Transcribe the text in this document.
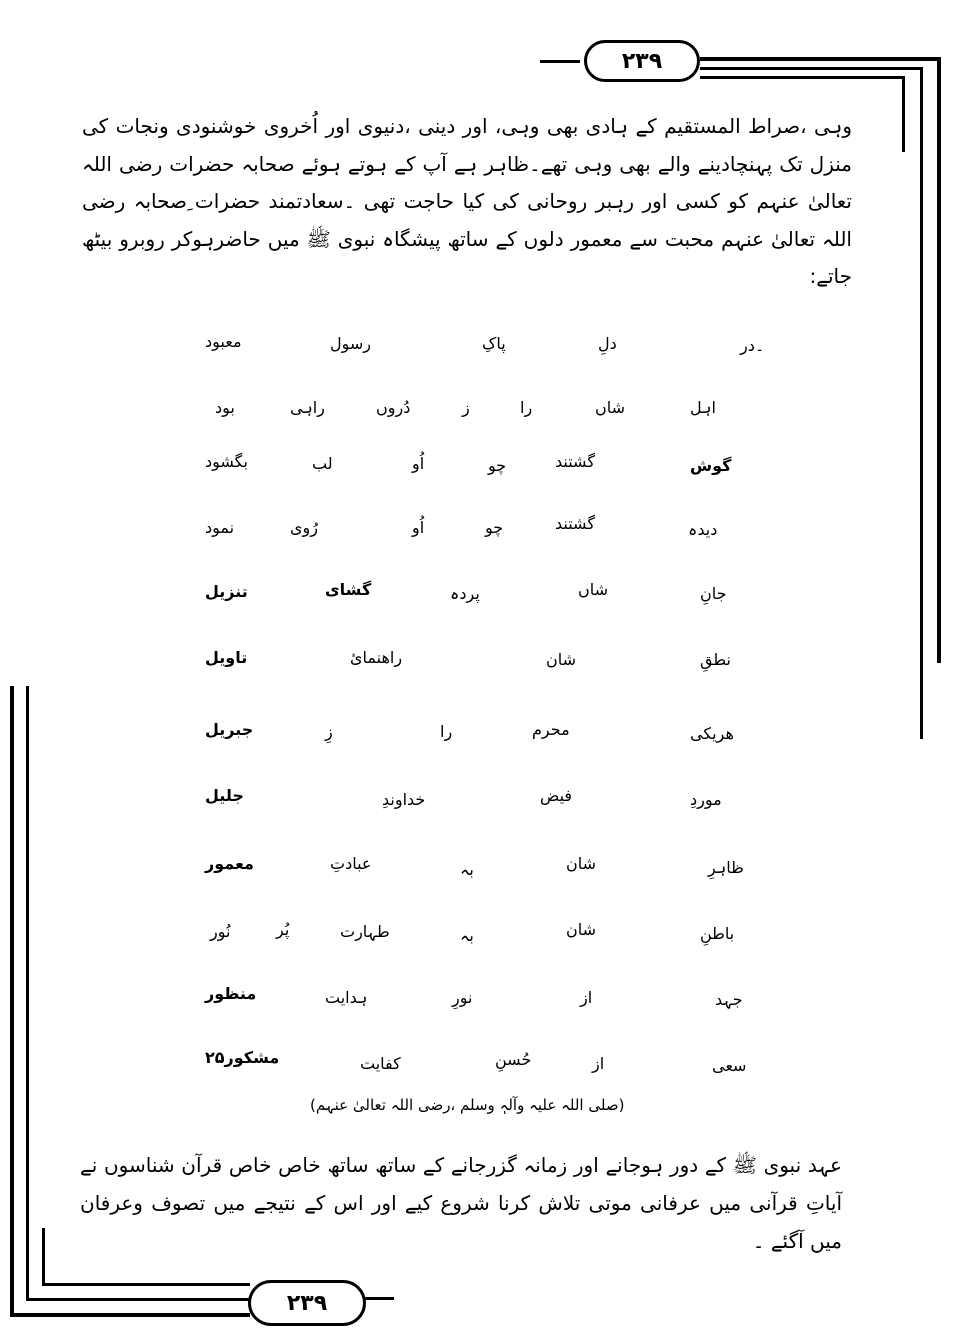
۲۳۹
۲۳۹
وہی ،صراط المستقیم کے ہادی بھی وہی، اور دینی ،دنیوی اور اُخروی خوشنودی ونجات کی منزل تک پہنچادینے والے بھی وہی تھے۔ظاہر ہے آپ کے ہوتے ہوئے صحابہ حضرات رضی اللہ تعالیٰ عنہم کو کسی اور رہبر روحانی کی کیا حاجت تھی ۔سعادتمند حضرات ِصحابہ رضی اللہ تعالیٰ عنہم محبت سے معمور دلوں کے ساتھ پیشگاہ نبوی ﷺ میں حاضرہوکر روبرو بیٹھ جاتے:
۔در
دلِ
پاکِ
رسول
معبود
اہل
شاں
را
ز
دُروں
راہی
بود
گوش
گشتند
چو
اُو
لب
بگشود
دیدہ
گشتند
چو
اُو
رُوی
نمود
جانِ
شاں
پردہ
گشای
تنزیل
نطقِ
شان
راھنمائ
تاویل
ھریکی
محرم
را
زِ
جبریل
موردِ
فیض
خداوندِ
جلیل
ظاہرِ
شان
بہ
عبادتِ
معمور
باطنِ
شان
بہ
طہارت
پُر
نُور
جہد
از
نورِ
ہدایت
منظور
سعی
از
حُسنِ
کفایت
مشکور۲۵
(صلی اللہ علیہ وآلہٖ وسلم ،رضی اللہ تعالیٰ عنہم)
عہد نبوی ﷺ کے دور ہوجانے اور زمانہ گزرجانے کے ساتھ ساتھ خاص خاص قرآن شناسوں نے آیاتِ قرآنی میں عرفانی موتی تلاش کرنا شروع کیے اور اس کے نتیجے میں تصوف وعرفان میں آگئے ۔
